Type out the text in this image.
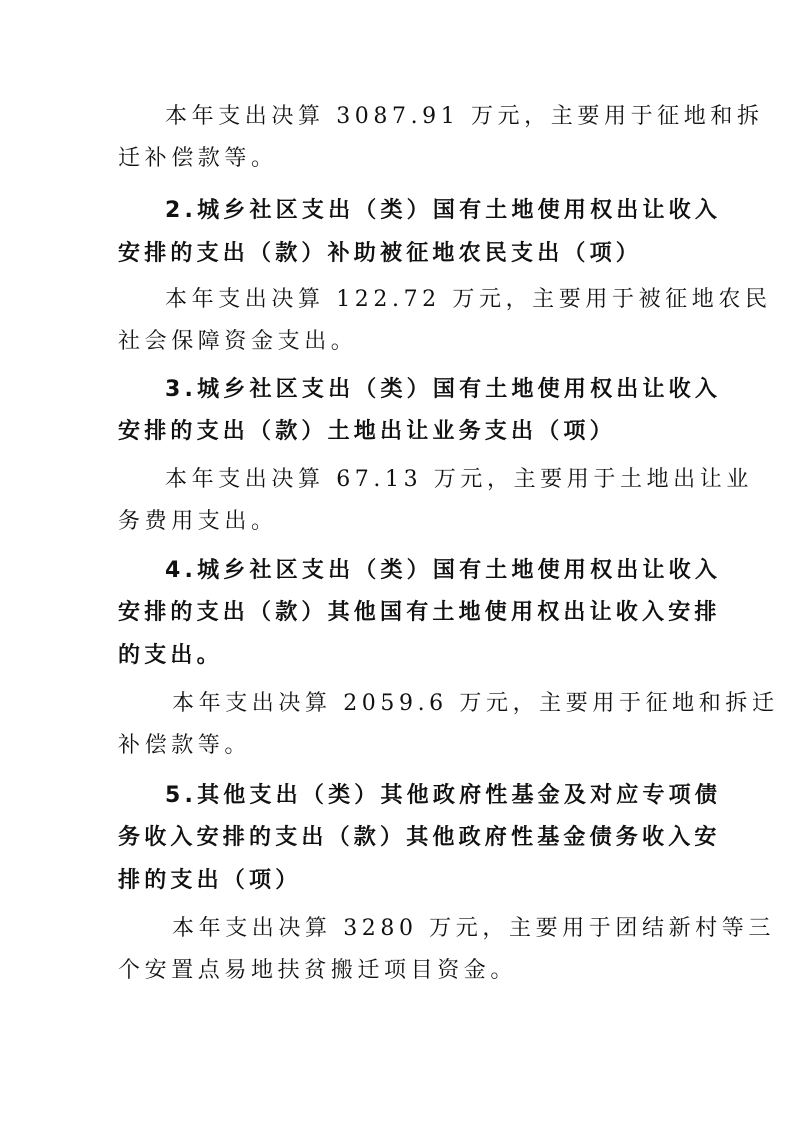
本年支出决算 3087.91 万元，主要用于征地和拆
迁补偿款等。
2.城乡社区支出（类）国有土地使用权出让收入
安排的支出（款）补助被征地农民支出（项）
本年支出决算 122.72 万元，主要用于被征地农民
社会保障资金支出。
3.城乡社区支出（类）国有土地使用权出让收入
安排的支出（款）土地出让业务支出（项）
本年支出决算 67.13 万元，主要用于土地出让业
务费用支出。
4.城乡社区支出（类）国有土地使用权出让收入
安排的支出（款）其他国有土地使用权出让收入安排
的支出。
本年支出决算 2059.6 万元，主要用于征地和拆迁
补偿款等。
5.其他支出（类）其他政府性基金及对应专项债
务收入安排的支出（款）其他政府性基金债务收入安
排的支出（项）
本年支出决算 3280 万元，主要用于团结新村等三
个安置点易地扶贫搬迁项目资金。
